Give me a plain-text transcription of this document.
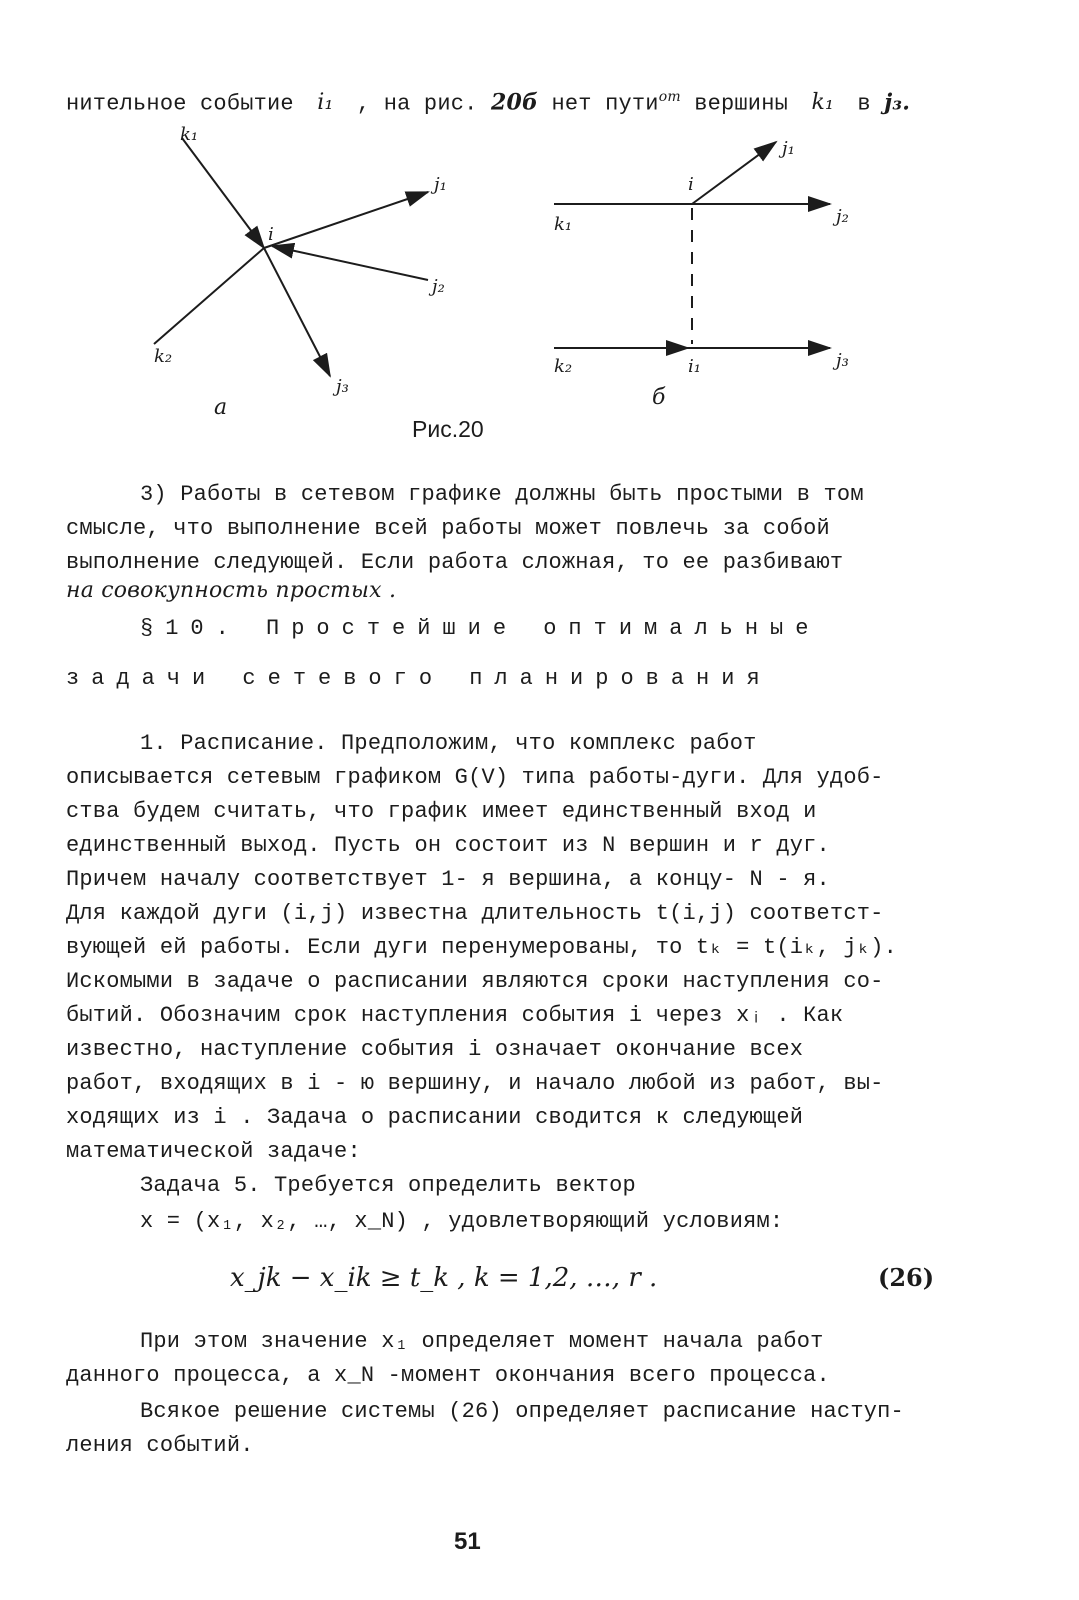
нительное событие i₁ , на рис. 20б нет пути$^{от}$ вершины k₁ в j₃.
k₁
i
j₁
j₂
k₂
j₃
а
j₁
i
k₁	j₂
k₂	i₁	j₃
б
Рис.20
3) Работы в сетевом графике должны быть простыми в том
смысле, что выполнение всей работы может повлечь за собой
выполнение следующей. Если работа сложная, то ее разбивают
на совокупность простых .
§10. Простейшие оптимальные
задачи сетевого планирования
1. Расписание. Предположим, что комплекс работ
описывается сетевым графиком G(V) типа работы-дуги. Для удоб-
ства будем считать, что график имеет единственный вход и
единственный выход. Пусть он состоит из N вершин и r дуг.
Причем началу соответствует 1- я вершина, а концу- N - я.
Для каждой дуги (i,j) известна длительность t(i,j) соответст-
вующей ей работы. Если дуги перенумерованы, то tₖ = t(iₖ, jₖ).
Искомыми в задаче о расписании являются сроки наступления со-
бытий. Обозначим срок наступления события i через xᵢ . Как
известно, наступление события i означает окончание всех
работ, входящих в i - ю вершину, и начало любой из работ, вы-
ходящих из i . Задача о расписании сводится к следующей
математической задаче:
Задача 5. Требуется определить вектор
x = (x₁, x₂, …, x_N) , удовлетворяющий условиям:
x_jk − x_ik ≥ t_k , k = 1,2, …, r .	(26)
При этом значение x₁ определяет момент начала работ
данного процесса, а x_N -момент окончания всего процесса.
Всякое решение системы (26) определяет расписание наступ-
ления событий.
51
